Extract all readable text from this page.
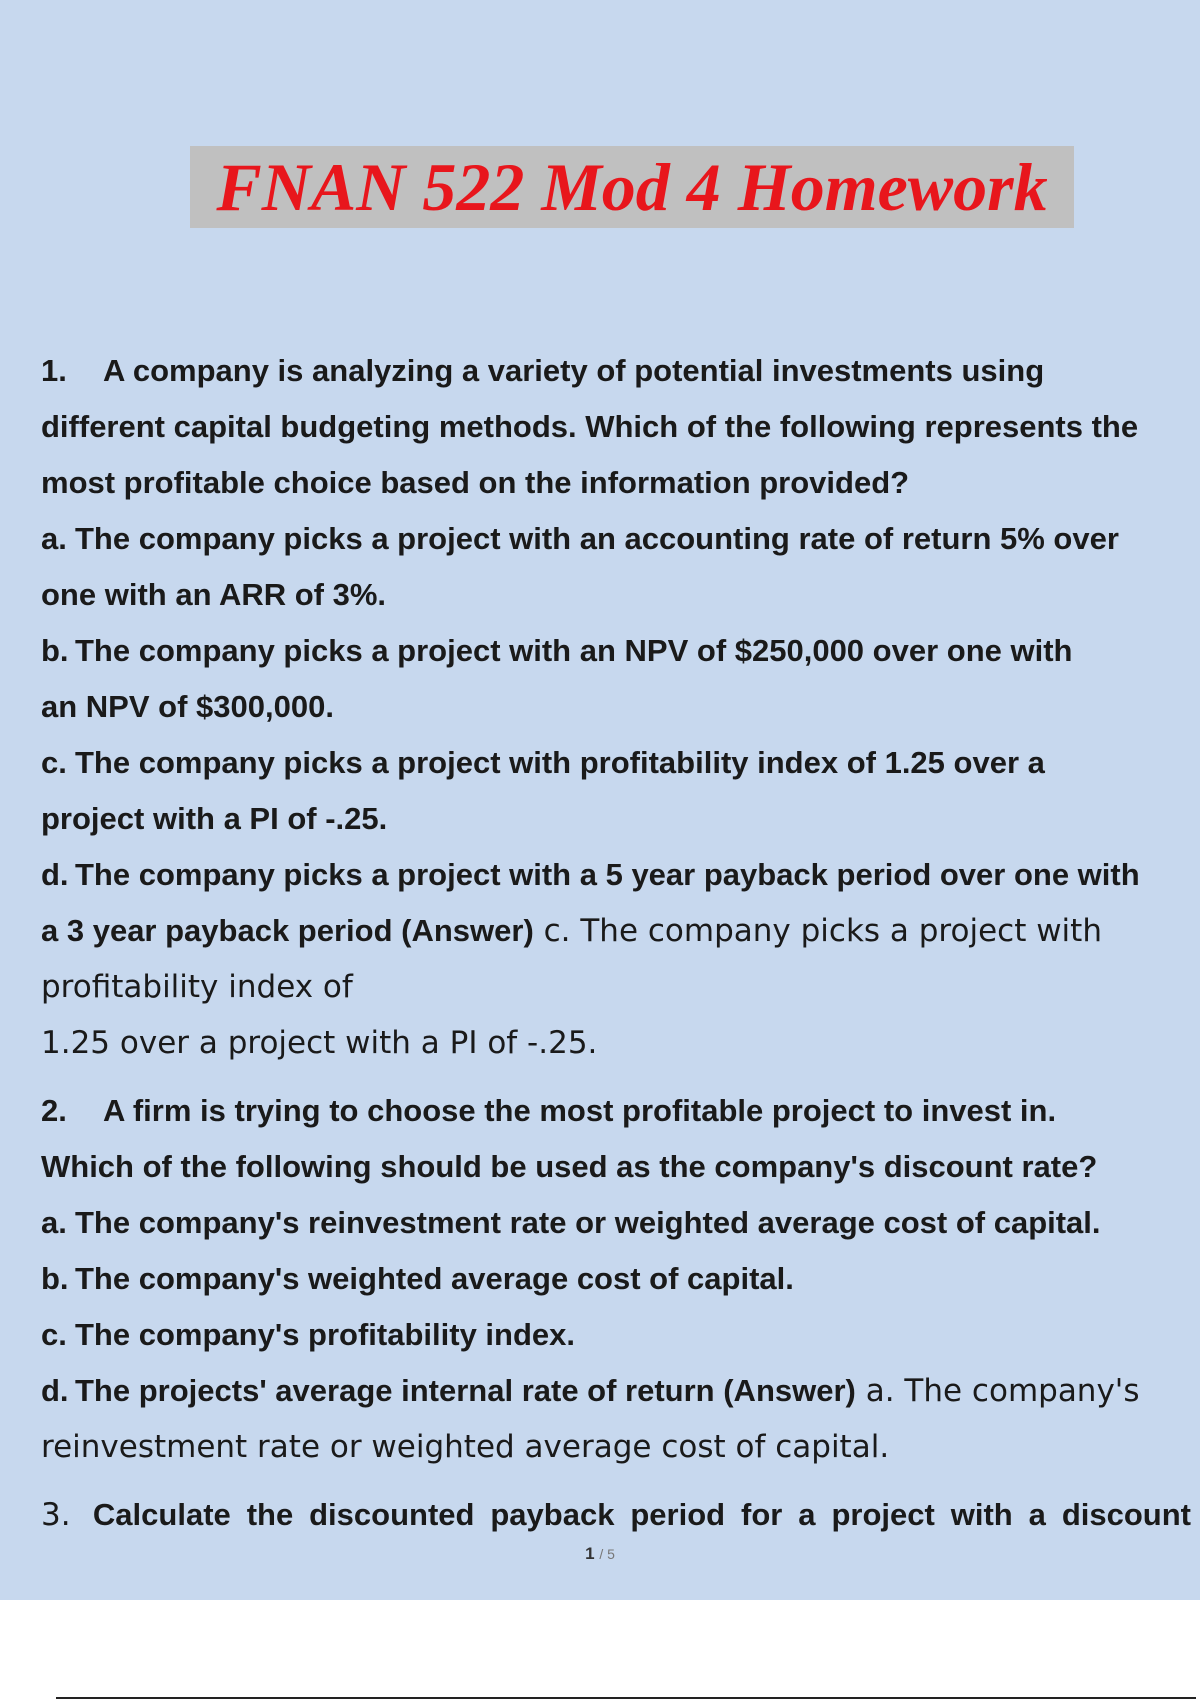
FNAN 522 Mod 4 Homework
1. A company is analyzing a variety of potential investments using
different capital budgeting methods. Which of the following represents the
most profitable choice based on the information provided?
a. The company picks a project with an accounting rate of return 5% over
one with an ARR of 3%.
b. The company picks a project with an NPV of $250,000 over one with
an NPV of $300,000.
c. The company picks a project with profitability index of 1.25 over a
project with a PI of -.25.
d. The company picks a project with a 5 year payback period over one with
a 3 year payback period (Answer) c. The company picks a project with
profitability index of
1.25 over a project with a PI of -.25.
2. A firm is trying to choose the most profitable project to invest in.
Which of the following should be used as the company's discount rate?
a. The company's reinvestment rate or weighted average cost of capital.
b. The company's weighted average cost of capital.
c. The company's profitability index.
d. The projects' average internal rate of return (Answer) a. The company's
reinvestment rate or weighted average cost of capital.
3. Calculate the discounted payback period for a project with a discount
1 / 5
